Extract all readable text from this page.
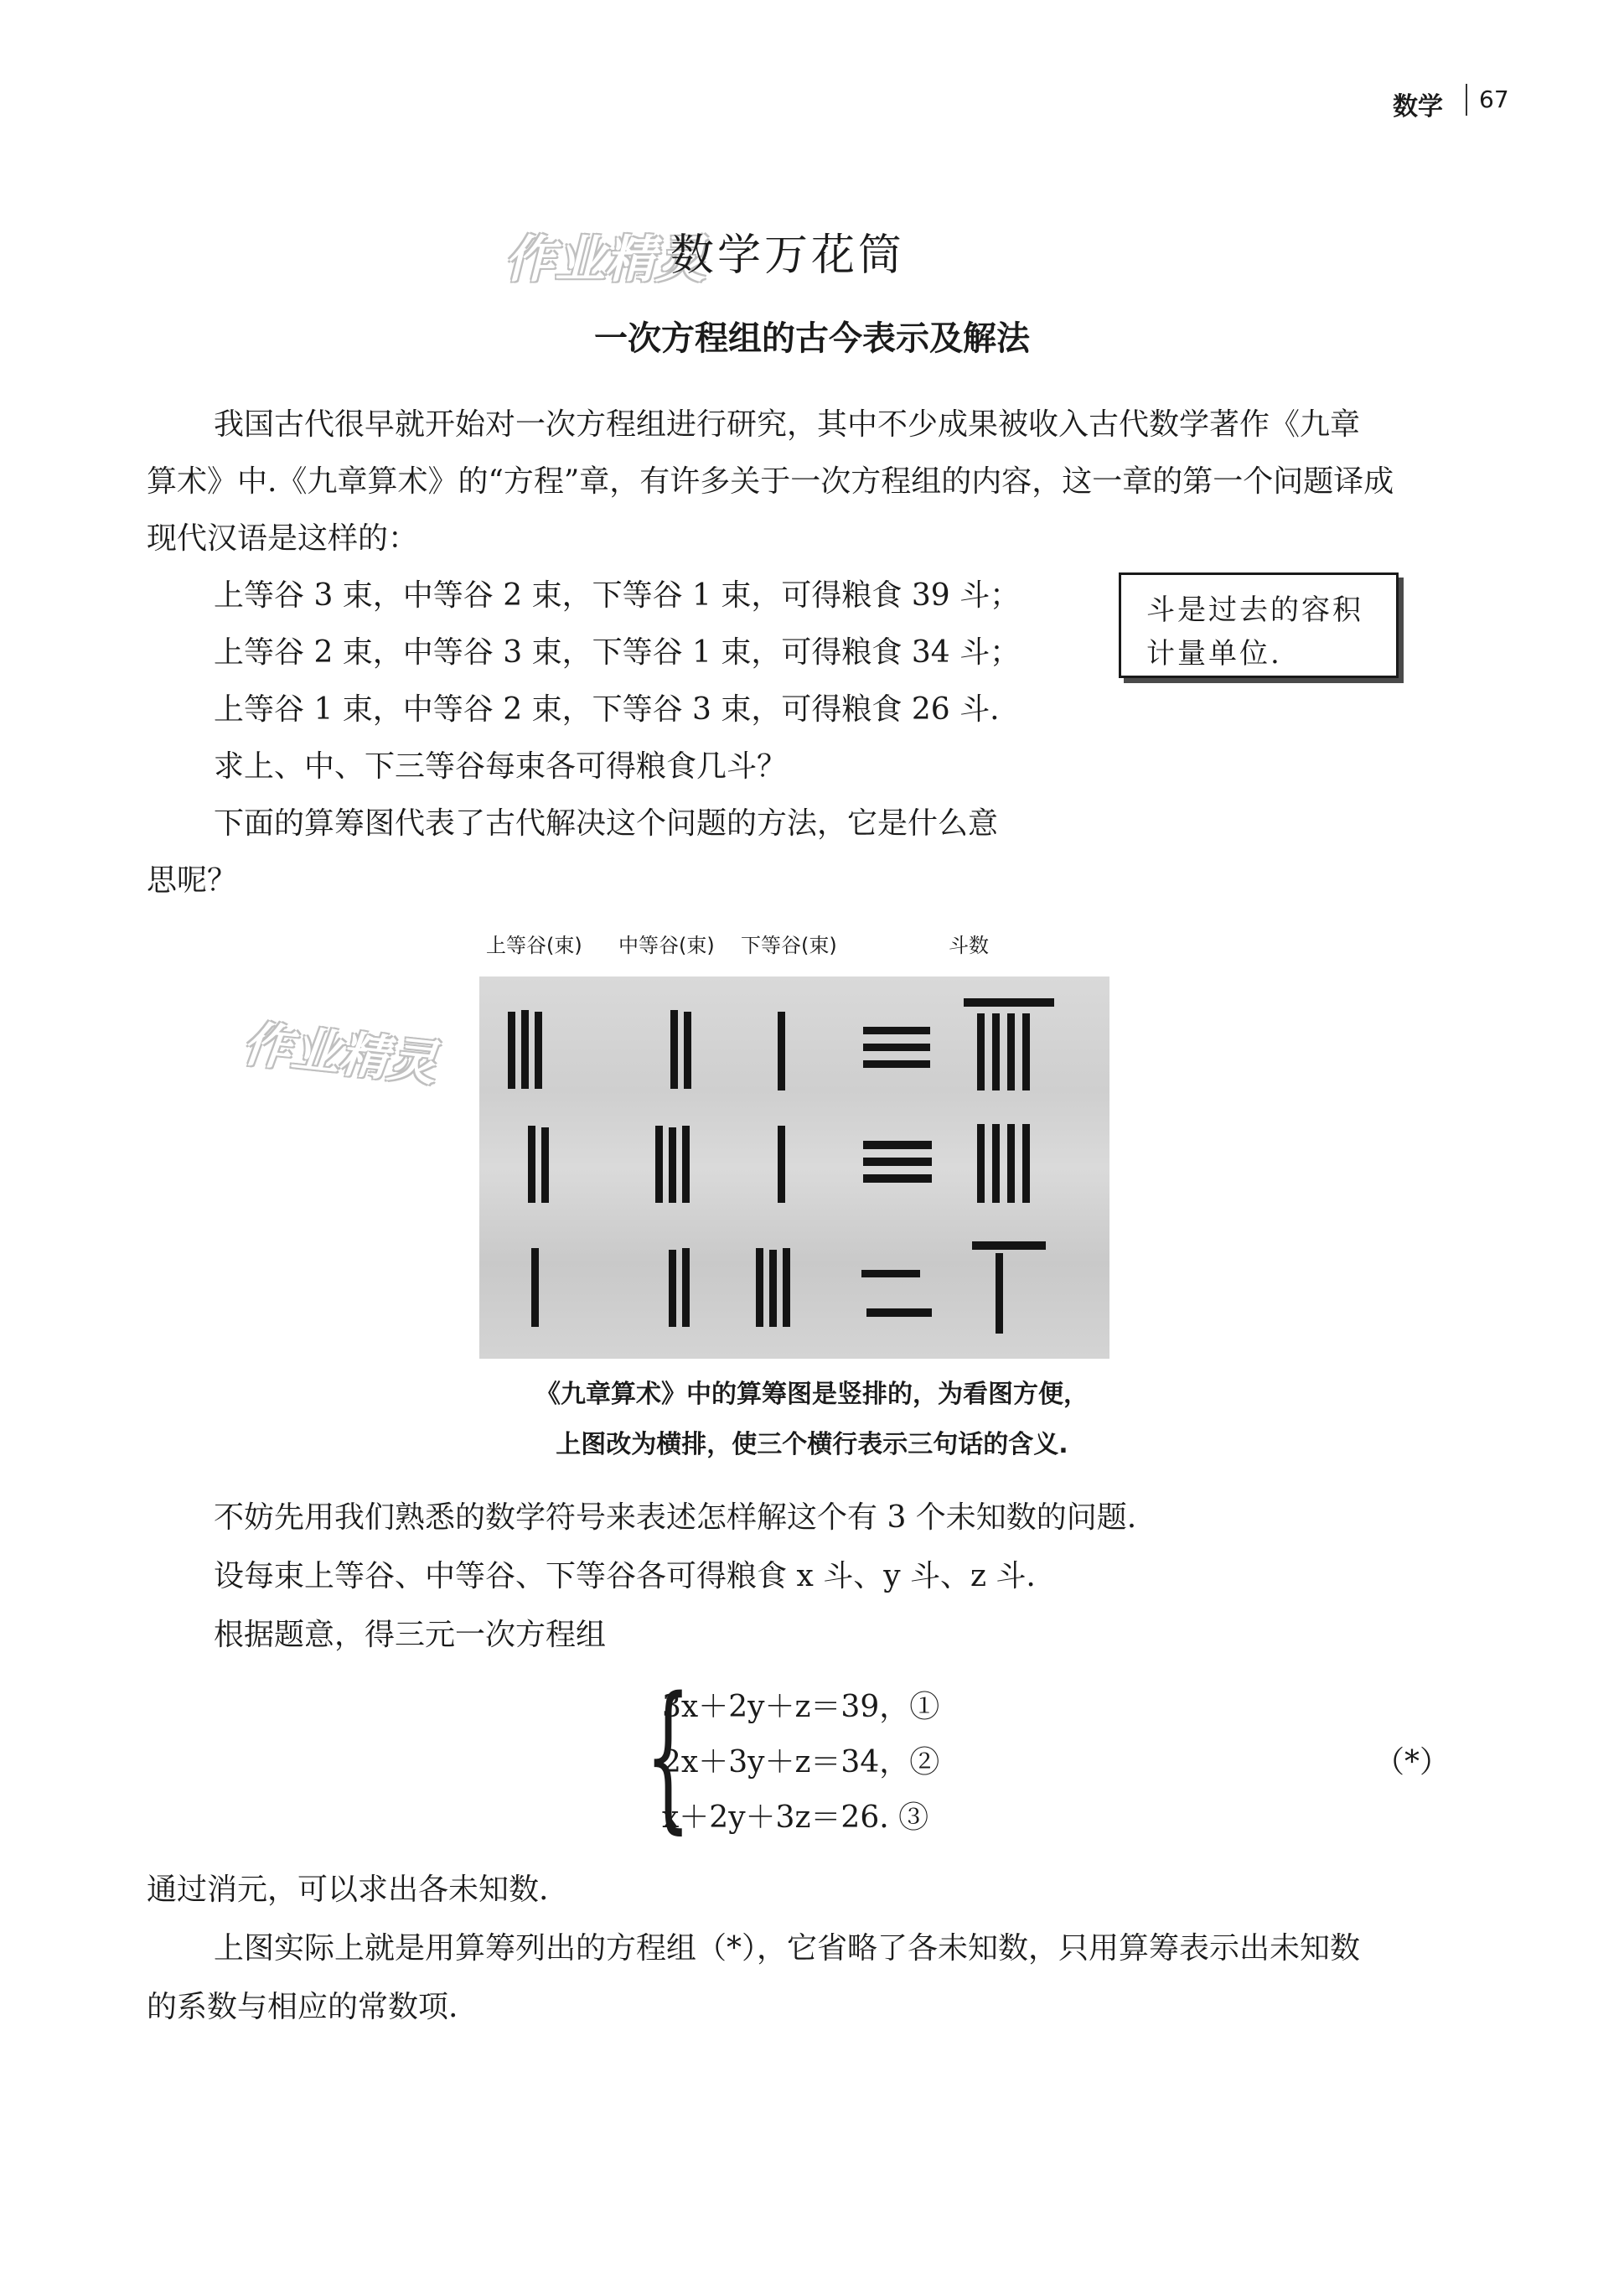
数学 67
作业精灵
数学万花筒
一次方程组的古今表示及解法
我国古代很早就开始对一次方程组进行研究，其中不少成果被收入古代数学著作《九章
算术》中.《九章算术》的“方程”章，有许多关于一次方程组的内容，这一章的第一个问题译成
现代汉语是这样的：
上等谷 3 束，中等谷 2 束，下等谷 1 束，可得粮食 39 斗；
上等谷 2 束，中等谷 3 束，下等谷 1 束，可得粮食 34 斗；
上等谷 1 束，中等谷 2 束，下等谷 3 束，可得粮食 26 斗.
求上、中、下三等谷每束各可得粮食几斗？
斗是过去的容积
计量单位.
下面的算筹图代表了古代解决这个问题的方法，它是什么意
思呢？
上等谷(束) 中等谷(束) 下等谷(束)	斗数
作业精灵
《九章算术》中的算筹图是竖排的，为看图方便，
上图改为横排，使三个横行表示三句话的含义.
不妨先用我们熟悉的数学符号来表述怎样解这个有 3 个未知数的问题.
设每束上等谷、中等谷、下等谷各可得粮食 x 斗、y 斗、z 斗.
根据题意，得三元一次方程组
{
3x＋2y＋z＝39，①
2x＋3y＋z＝34，②
x＋2y＋3z＝26. ③
（*）
通过消元，可以求出各未知数.
上图实际上就是用算筹列出的方程组（*），它省略了各未知数，只用算筹表示出未知数
的系数与相应的常数项.
